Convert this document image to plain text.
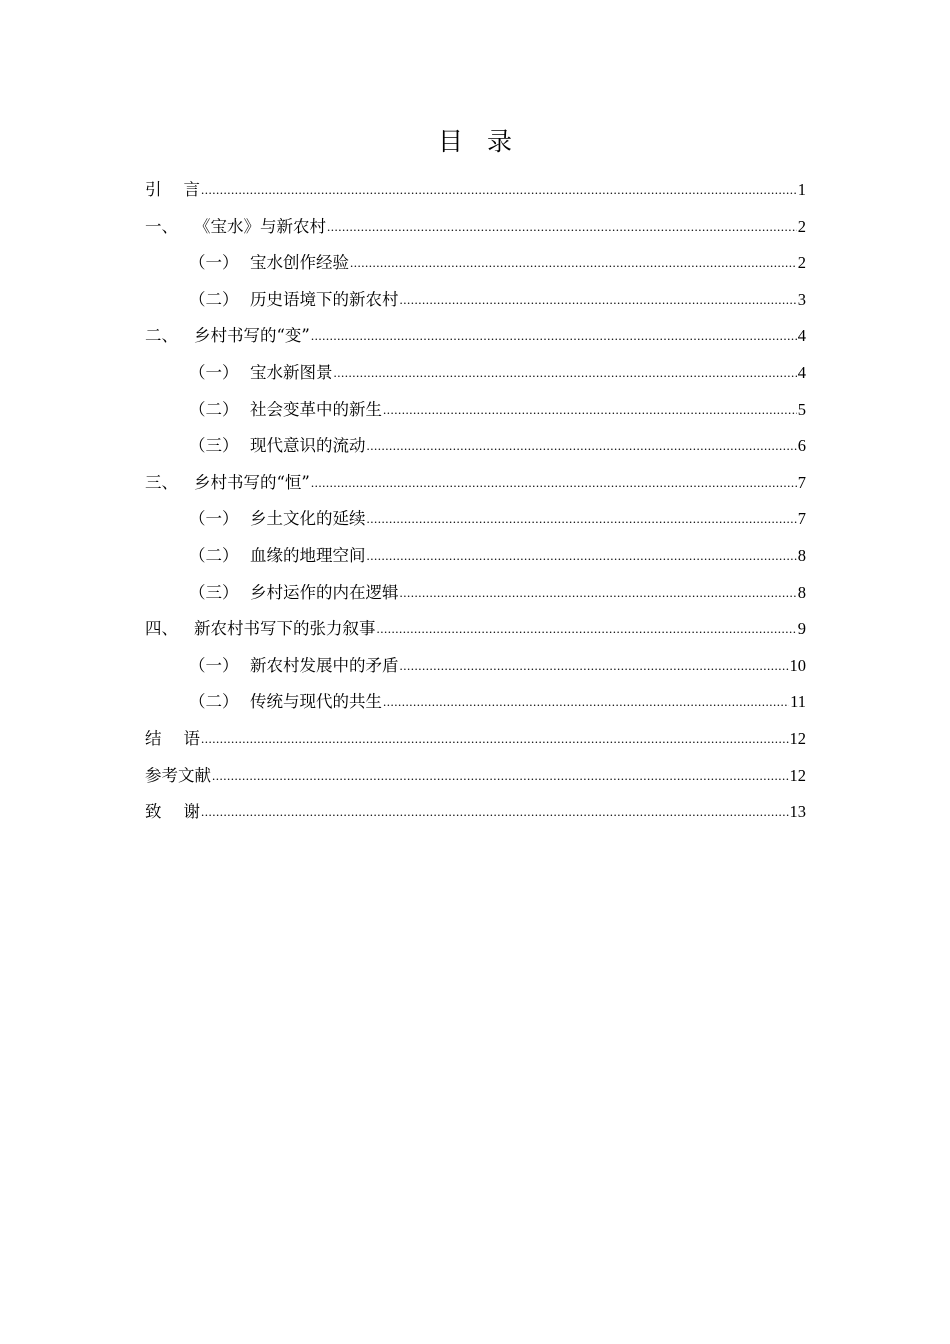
目 录
引 言 .....	1
一、 《宝水》与新农村 .....	2
（一） 宝水创作经验 .....	2
（二） 历史语境下的新农村 .....	3
二、 乡村书写的“变” .....	4
（一） 宝水新图景 .....	4
（二） 社会变革中的新生 .....	5
（三） 现代意识的流动 .....	6
三、 乡村书写的“恒” .....	7
（一） 乡土文化的延续 .....	7
（二） 血缘的地理空间 .....	8
（三） 乡村运作的内在逻辑 .....	8
四、 新农村书写下的张力叙事 .....	9
（一） 新农村发展中的矛盾 .....	10
（二） 传统与现代的共生 .....	11
结 语 .....	12
参考文献 .....	12
致 谢 .....	13
